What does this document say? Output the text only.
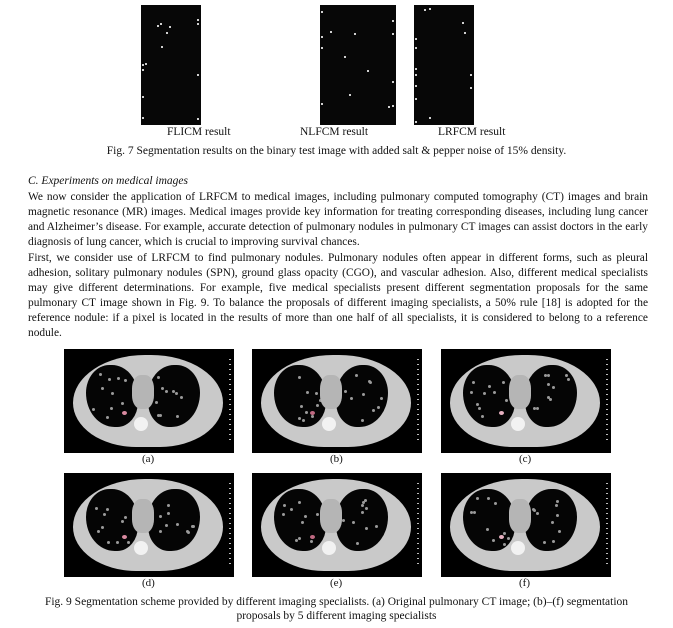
FLICM result	NLFCM result	LRFCM result
Fig. 7 Segmentation results on the binary test image with added salt & pepper noise of 15% density.
C. Experiments on medical images

We now consider the application of LRFCM to medical images, including pulmonary computed tomography (CT) images and brain magnetic resonance (MR) images. Medical images provide key information for treating corresponding diseases, including lung cancer and Alzheimer’s disease. For example, accurate detection of pulmonary nodules in pulmonary CT images can assist doctors in the early diagnosis of lung cancer, which is crucial to improving survival chances.

First, we consider use of LRFCM to find pulmonary nodules. Pulmonary nodules often appear in different forms, such as pleural adhesion, solitary pulmonary nodules (SPN), ground glass opacity (CGO), and vascular adhesion. Also, different medical specialists may give different determinations. For example, five medical specialists present different segmentation proposals for the same pulmonary CT image shown in Fig. 9. To balance the proposals of different imaging specialists, a 50% rule [18] is adopted for the reference nodule: if a pixel is located in the results of more than one half of all specialists, it is considered to belong to a reference nodule.

(a)	(b)	(c)
(d)	(e)	(f)
Fig. 9 Segmentation scheme provided by different imaging specialists. (a) Original pulmonary CT image; (b)–(f) segmentation
proposals by 5 different imaging specialists
